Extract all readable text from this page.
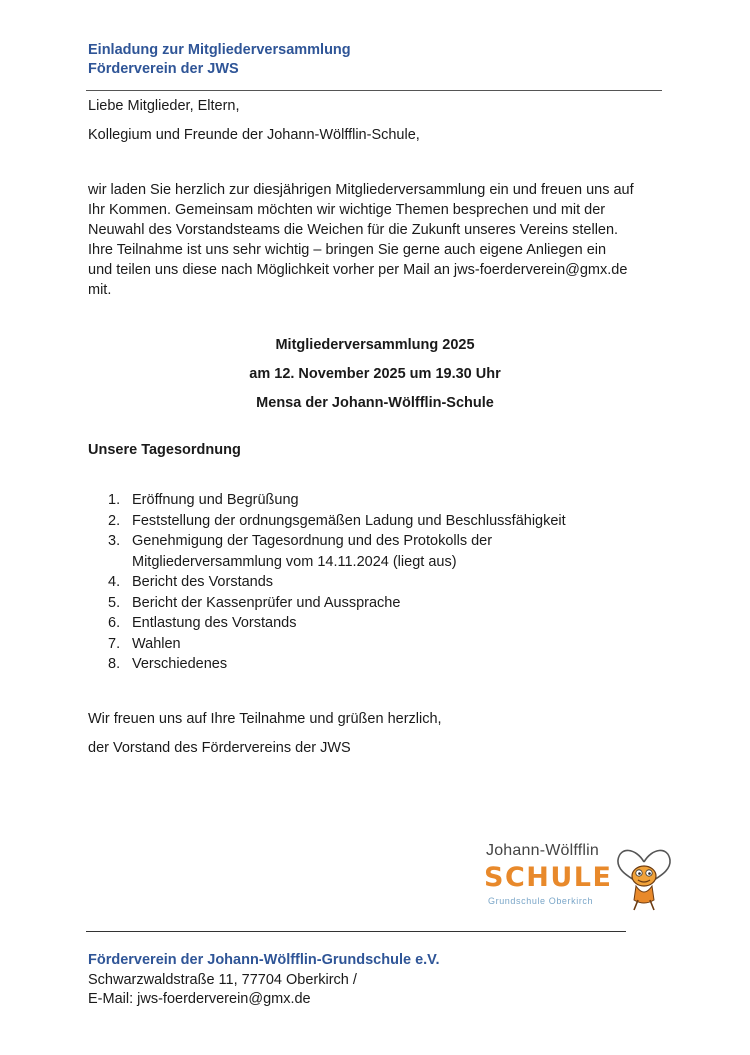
Einladung zur Mitgliederversammlung
Förderverein der JWS
Liebe Mitglieder, Eltern,
Kollegium und Freunde der Johann-Wölfflin-Schule,
wir laden Sie herzlich zur diesjährigen Mitgliederversammlung ein und freuen uns auf
Ihr Kommen. Gemeinsam möchten wir wichtige Themen besprechen und mit der
Neuwahl des Vorstandsteams die Weichen für die Zukunft unseres Vereins stellen.
Ihre Teilnahme ist uns sehr wichtig – bringen Sie gerne auch eigene Anliegen ein
und teilen uns diese nach Möglichkeit vorher per Mail an jws-foerderverein@gmx.de
mit.
Mitgliederversammlung 2025
am 12. November 2025 um 19.30 Uhr
Mensa der Johann-Wölfflin-Schule
Unsere Tagesordnung
1. Eröffnung und Begrüßung
2. Feststellung der ordnungsgemäßen Ladung und Beschlussfähigkeit
3. Genehmigung der Tagesordnung und des Protokolls der
Mitgliederversammlung vom 14.11.2024 (liegt aus)
4. Bericht des Vorstands
5. Bericht der Kassenprüfer und Aussprache
6. Entlastung des Vorstands
7. Wahlen
8. Verschiedenes
Wir freuen uns auf Ihre Teilnahme und grüßen herzlich,
der Vorstand des Fördervereins der JWS
Johann-Wölfflin
SCHULE
Grundschule Oberkirch
Förderverein der Johann-Wölfflin-Grundschule e.V.
Schwarzwaldstraße 11, 77704 Oberkirch /
E-Mail: jws-foerderverein@gmx.de
